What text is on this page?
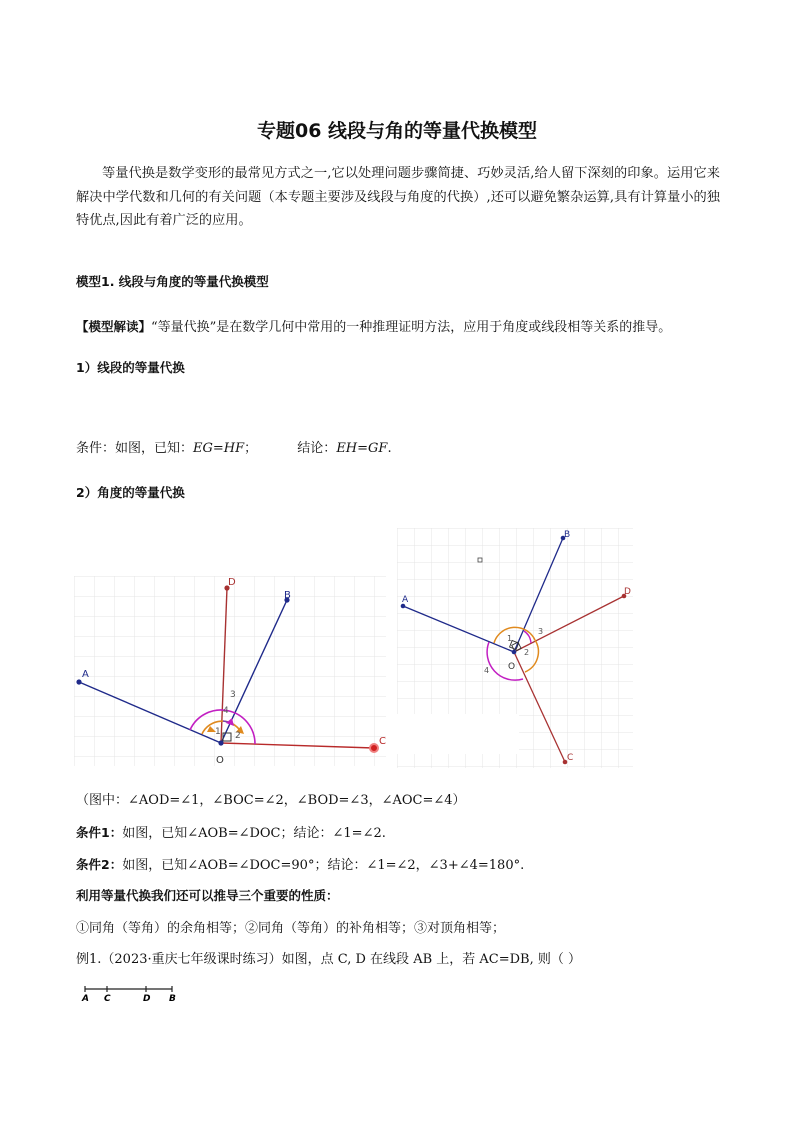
专题06 线段与角的等量代换模型
等量代换是数学变形的最常见方式之一,它以处理问题步骤简捷、巧妙灵活,给人留下深刻的印象。运用它来解决中学代数和几何的有关问题（本专题主要涉及线段与角度的代换）,还可以避免繁杂运算,具有计算量小的独特优点,因此有着广泛的应用。
模型1. 线段与角度的等量代换模型
【模型解读】“等量代换”是在数学几何中常用的一种推理证明方法，应用于角度或线段相等关系的推导。
1）线段的等量代换
条件：如图，已知：EG=HF；	结论：EH=GF.
2）角度的等量代换
A
B
D
C
O
1 2
3
4
A
B
D
C
O
1
2
3
4
（图中：∠AOD=∠1，∠BOC=∠2，∠BOD=∠3，∠AOC=∠4）
条件1：如图，已知∠AOB=∠DOC；结论：∠1=∠2.
条件2：如图，已知∠AOB=∠DOC=90°；结论：∠1=∠2，∠3+∠4=180°.
利用等量代换我们还可以推导三个重要的性质：
①同角（等角）的余角相等；②同角（等角）的补角相等；③对顶角相等；
例1.（2023·重庆七年级课时练习）如图，点 C, D 在线段 AB 上，若 AC=DB, 则（ ）
A C	D B
